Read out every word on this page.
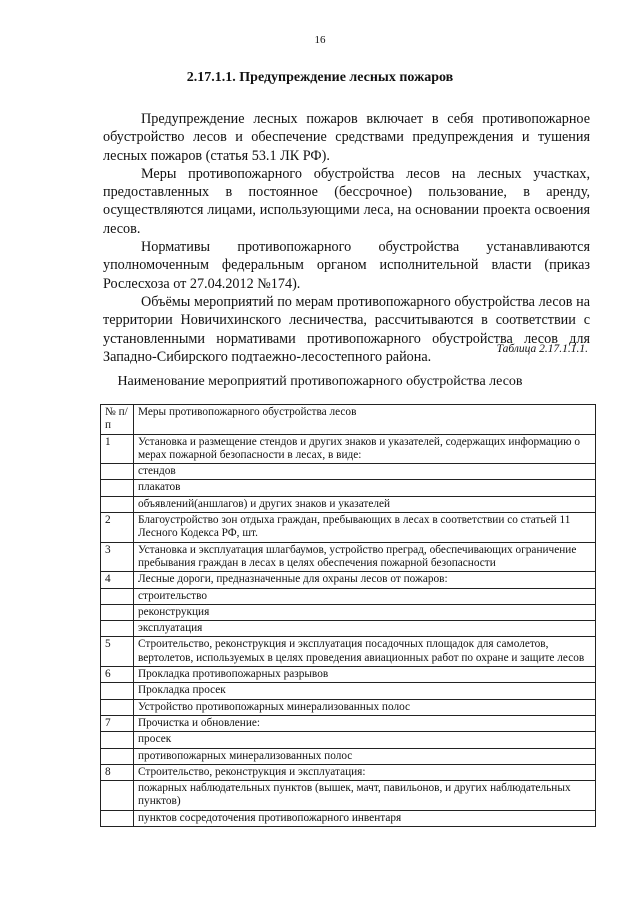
16
2.17.1.1. Предупреждение лесных пожаров

Предупреждение лесных пожаров включает в себя противопожарное обустройство лесов и обеспечение средствами предупреждения и тушения лесных пожаров (статья 53.1 ЛК РФ).

Меры противопожарного обустройства лесов на лесных участках, предоставленных в постоянное (бессрочное) пользование, в аренду, осуществляются лицами, использующими леса, на основании проекта освоения лесов.

Нормативы противопожарного обустройства устанавливаются уполномоченным федеральным органом исполнительной власти (приказ Рослесхоза от 27.04.2012 №174).

Объёмы мероприятий по мерам противопожарного обустройства лесов на территории Новичихинского лесничества, рассчитываются в соответствии с установленными нормативами противопожарного обустройства лесов для Западно-Сибирского подтаежно-лесостепного района.	Таблица 2.17.1.1.1.
Наименование мероприятий противопожарного обустройства лесов
№ п/п	Меры противопожарного обустройства лесов
1	Установка и размещение стендов и других знаков и указателей, содержащих информацию о мерах пожарной безопасности в лесах, в виде:
	стендов
	плакатов
	объявлений(аншлагов) и других знаков и указателей
2	Благоустройство зон отдыха граждан, пребывающих в лесах в соответствии со статьей 11 Лесного Кодекса РФ, шт.
3	Установка и эксплуатация шлагбаумов, устройство преград, обеспечивающих ограничение пребывания граждан в лесах в целях обеспечения пожарной безопасности
4	Лесные дороги, предназначенные для охраны лесов от пожаров:
	строительство
	реконструкция
	эксплуатация
5	Строительство, реконструкция и эксплуатация посадочных площадок для самолетов, вертолетов, используемых в целях проведения авиационных работ по охране и защите лесов
6	Прокладка противопожарных разрывов
	Прокладка просек
	Устройство противопожарных минерализованных полос
7	Прочистка и обновление:
	просек
	противопожарных минерализованных полос
8	Строительство, реконструкция и эксплуатация:
	пожарных наблюдательных пунктов (вышек, мачт, павильонов, и других наблюдательных пунктов)
	пунктов сосредоточения противопожарного инвентаря
